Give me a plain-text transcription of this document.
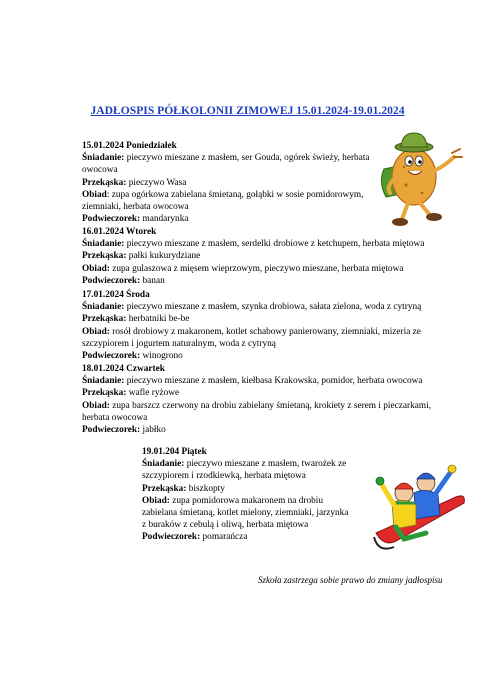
JADŁOSPIS PÓŁKOLONII ZIMOWEJ 15.01.2024-19.01.2024

15.01.2024 Poniedziałek

Śniadanie: pieczywo mieszane z masłem, ser Gouda, ogórek świeży, herbata owocowa

Przekąska: pieczywo Wasa

Obiad: zupa ogórkowa zabielana śmietaną, gołąbki w sosie pomidorowym, ziemniaki, herbata owocowa

Podwieczorek: mandarynka

16.01.2024 Wtorek

Śniadanie: pieczywo mieszane z masłem, serdelki drobiowe z ketchupem, herbata miętowa

Przekąska: pałki kukurydziane

Obiad: zupa gulaszowa z mięsem wieprzowym, pieczywo mieszane, herbata miętowa

Podwieczorek: banan

17.01.2024 Środa

Śniadanie: pieczywo mieszane z masłem, szynka drobiowa, sałata zielona, woda z cytryną

Przekąska: herbatniki be-be

Obiad: rosół drobiowy z makaronem, kotlet schabowy panierowany, ziemniaki, mizeria ze szczypiorem i jogurtem naturalnym, woda z cytryną

Podwieczorek: winogrono

18.01.2024 Czwartek

Śniadanie: pieczywo mieszane z masłem, kiełbasa Krakowska, pomidor, herbata owocowa

Przekąska: wafle ryżowe

Obiad: zupa barszcz czerwony na drobiu zabielany śmietaną, krokiety z serem i pieczarkami, herbata owocowa

Podwieczorek: jabłko

19.01.204 Piątek

Śniadanie: pieczywo mieszane z masłem, twarożek ze szczypiorem i rzodkiewką, herbata miętowa

Przekąska: biszkopty

Obiad: zupa pomidorowa makaronem na drobiu zabielana śmietaną, kotlet mielony, ziemniaki, jarzynka z buraków z cebulą i oliwą, herbata miętowa

Podwieczorek: pomarańcza

Szkoła zastrzega sobie prawo do zmiany jadłospisu
